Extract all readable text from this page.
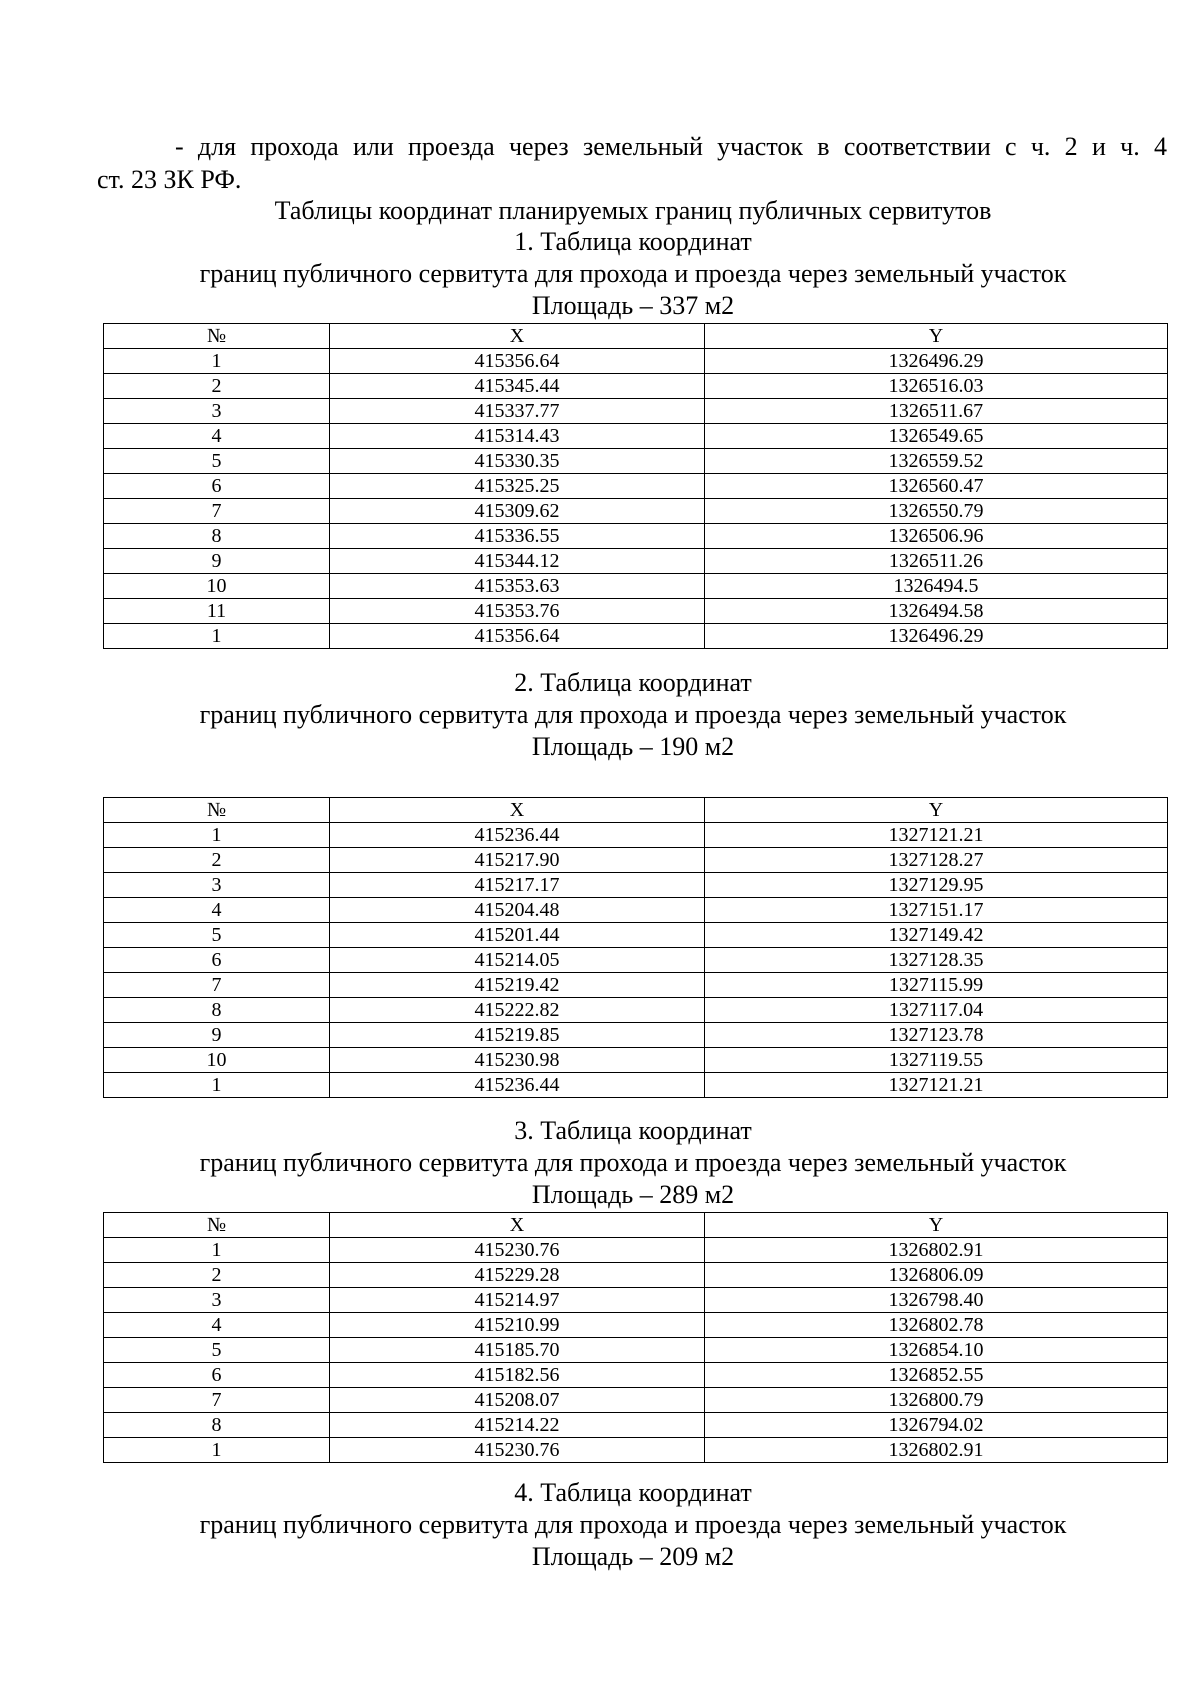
- для прохода или проезда через земельный участок в соответствии с ч. 2 и ч. 4
ст. 23 ЗК РФ.
Таблицы координат планируемых границ публичных сервитутов
1. Таблица координат
границ публичного сервитута для прохода и проезда через земельный участок
Площадь – 337 м2
№	X	Y
1	415356.64	1326496.29
2	415345.44	1326516.03
3	415337.77	1326511.67
4	415314.43	1326549.65
5	415330.35	1326559.52
6	415325.25	1326560.47
7	415309.62	1326550.79
8	415336.55	1326506.96
9	415344.12	1326511.26
10	415353.63	1326494.5
11	415353.76	1326494.58
1	415356.64	1326496.29
2. Таблица координат
границ публичного сервитута для прохода и проезда через земельный участок
Площадь – 190 м2
№	X	Y
1	415236.44	1327121.21
2	415217.90	1327128.27
3	415217.17	1327129.95
4	415204.48	1327151.17
5	415201.44	1327149.42
6	415214.05	1327128.35
7	415219.42	1327115.99
8	415222.82	1327117.04
9	415219.85	1327123.78
10	415230.98	1327119.55
1	415236.44	1327121.21
3. Таблица координат
границ публичного сервитута для прохода и проезда через земельный участок
Площадь – 289 м2
№	X	Y
1	415230.76	1326802.91
2	415229.28	1326806.09
3	415214.97	1326798.40
4	415210.99	1326802.78
5	415185.70	1326854.10
6	415182.56	1326852.55
7	415208.07	1326800.79
8	415214.22	1326794.02
1	415230.76	1326802.91
4. Таблица координат
границ публичного сервитута для прохода и проезда через земельный участок
Площадь – 209 м2
